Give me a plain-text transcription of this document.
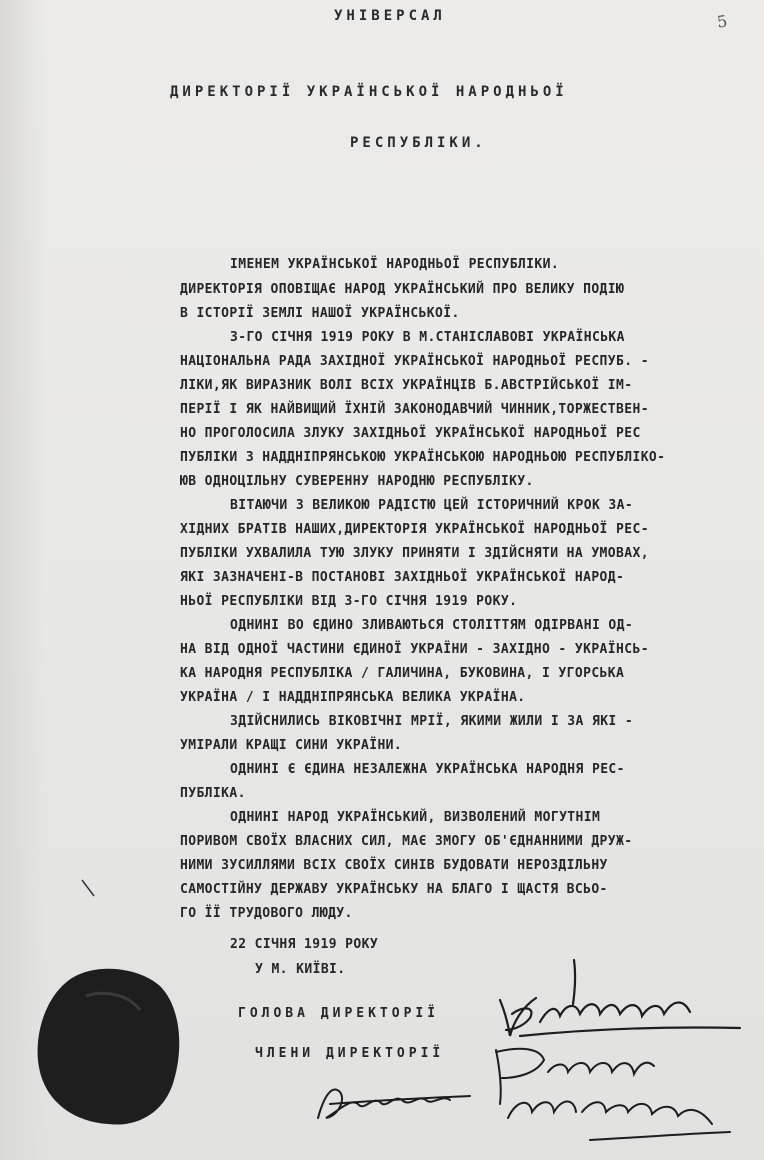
5
УНІВЕРСАЛ
ДИРЕКТОРІЇ УКРАЇНСЬКОЇ НАРОДНЬОЇ
РЕСПУБЛІКИ.
ІМЕНЕМ УКРАЇНСЬКОЇ НАРОДНЬОЇ РЕСПУБЛІКИ.
ДИРЕКТОРІЯ ОПОВІЩАЄ НАРОД УКРАЇНСЬКИЙ ПРО ВЕЛИКУ ПОДІЮ
В ІСТОРІЇ ЗЕМЛІ НАШОЇ УКРАЇНСЬКОЇ.
3-ГО СІЧНЯ 1919 РОКУ В М.СТАНІСЛАВОВІ УКРАЇНСЬКА
НАЦІОНАЛЬНА РАДА ЗАХІДНОЇ УКРАЇНСЬКОЇ НАРОДНЬОЇ РЕСПУБ. -
ЛІКИ,ЯК ВИРАЗНИК ВОЛІ ВСІХ УКРАЇНЦІВ Б.АВСТРІЙСЬКОЇ ІМ-
ПЕРІЇ І ЯК НАЙВИЩИЙ ЇХНІЙ ЗАКОНОДАВЧИЙ ЧИННИК,ТОРЖЕСТВЕН-
НО ПРОГОЛОСИЛА ЗЛУКУ ЗАХІДНЬОЇ УКРАЇНСЬКОЇ НАРОДНЬОЇ РЕС
ПУБЛІКИ З НАДДНІПРЯНСЬКОЮ УКРАЇНСЬКОЮ НАРОДНЬОЮ РЕСПУБЛІКО-
ЮВ ОДНОЦІЛЬНУ СУВЕРЕННУ НАРОДНЮ РЕСПУБЛІКУ.
ВІТАЮЧИ З ВЕЛИКОЮ РАДІСТЮ ЦЕЙ ІСТОРИЧНИЙ КРОК ЗА-
ХІДНИХ БРАТІВ НАШИХ,ДИРЕКТОРІЯ УКРАЇНСЬКОЇ НАРОДНЬОЇ РЕС-
ПУБЛІКИ УХВАЛИЛА ТУЮ ЗЛУКУ ПРИНЯТИ І ЗДІЙСНЯТИ НА УМОВАХ,
ЯКІ ЗАЗНАЧЕНІ-В ПОСТАНОВІ ЗАХІДНЬОЇ УКРАЇНСЬКОЇ НАРОД-
НЬОЇ РЕСПУБЛІКИ ВІД 3-ГО СІЧНЯ 1919 РОКУ.
ОДНИНІ ВО ЄДИНО ЗЛИВАЮТЬСЯ СТОЛІТТЯМ ОДІРВАНІ ОД-
НА ВІД ОДНОЇ ЧАСТИНИ ЄДИНОЇ УКРАЇНИ - ЗАХІДНО - УКРАЇНСЬ-
КА НАРОДНЯ РЕСПУБЛІКА / ГАЛИЧИНА, БУКОВИНА, І УГОРСЬКА
УКРАЇНА / І НАДДНІПРЯНСЬКА ВЕЛИКА УКРАЇНА.
ЗДІЙСНИЛИСЬ ВІКОВІЧНІ МРІЇ, ЯКИМИ ЖИЛИ І ЗА ЯКІ -
УМІРАЛИ КРАЩІ СИНИ УКРАЇНИ.
ОДНИНІ Є ЄДИНА НЕЗАЛЕЖНА УКРАЇНСЬКА НАРОДНЯ РЕС-
ПУБЛІКА.
ОДНИНІ НАРОД УКРАЇНСЬКИЙ, ВИЗВОЛЕНИЙ МОГУТНІМ
ПОРИВОМ СВОЇХ ВЛАСНИХ СИЛ, МАЄ ЗМОГУ ОБ'ЄДНАННИМИ ДРУЖ-
НИМИ ЗУСИЛЛЯМИ ВСІХ СВОЇХ СИНІВ БУДОВАТИ НЕРОЗДІЛЬНУ
САМОСТІЙНУ ДЕРЖАВУ УКРАЇНСЬКУ НА БЛАГО І ЩАСТЯ ВСЬО-
ГО ЇЇ ТРУДОВОГО ЛЮДУ.
22 СІЧНЯ 1919 РОКУ
У М. КИЇВІ.
ГОЛОВА ДИРЕКТОРІЇ
ЧЛЕНИ ДИРЕКТОРІЇ
